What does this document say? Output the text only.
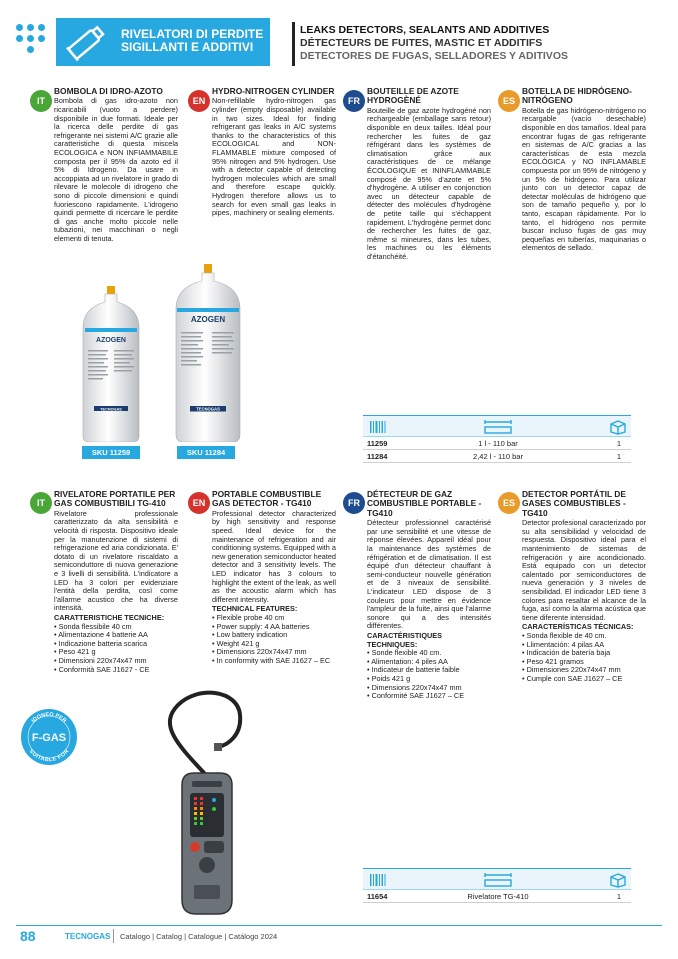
RIVELATORI DI PERDITE
SIGILLANTI E ADDITIVI
LEAKS DETECTORS, SEALANTS AND ADDITIVES
DÉTECTEURS DE FUITES, MASTIC ET ADDITIFS
DETECTORES DE FUGAS, SELLADORES Y ADITIVOS
IT
BOMBOLA DI IDRO-AZOTO
Bombola di gas idro-azoto non ricaricabili (vuoto a perdere) disponibile in due formati. Ideale per la ricerca delle perdite di gas refrigerante nei sistemi A/C grazie alle caratteristiche di questa miscela ECOLOGICA e NON INFIAMMABILE composta per il 95% da azoto ed il 5% di Idrogeno. Da usare in accoppiata ad un rivelatore in grado di rilevare le molecole di idrogeno che sono di piccole dimensioni e quindi fuoriescono rapidamente. L'idrogeno quindi permette di ricercare le perdite di gas anche molto piccole nelle tubazioni, nei macchinari o negli elementi di tenuta.
EN
HYDRO-NITROGEN CYLINDER
Non-refillable hydro-nitrogen gas cylinder (empty disposable) available in two sizes. Ideal for finding refrigerant gas leaks in A/C systems thanks to the characteristics of this ECOLOGICAL and NON-FLAMMABLE mixture composed of 95% nitrogen and 5% hydrogen. Use with a detector capable of detecting hydrogen molecules which are small and therefore escape quickly. Hydrogen therefore allows us to search for even small gas leaks in pipes, machinery or sealing elements.
FR
BOUTEILLE DE AZOTE HYDROGÈNÉ
Bouteille de gaz azote hydrogéné non rechargeable (emballage sans retour) disponible en deux tailles. Idéal pour rechercher les fuites de gaz réfrigérant dans les systèmes de climatisation grâce aux caractéristiques de ce mélange ÉCOLOGIQUE et ININFLAMMABLE composé de 95% d'azote et 5% d'hydrogène. A utiliser en conjonction avec un détecteur capable de détecter des molécules d'hydrogène de petite taille qui s'échappent rapidement. L'hydrogène permet donc de rechercher les fuites de gaz, même si mineures, dans les tubes, les machines ou les éléments d'étanchéité.
ES
BOTELLA DE HIDRÓGENO-NITRÓGENO
Botella de gas hidrógeno-nitrógeno no recargable (vacío desechable) disponible en dos tamaños. Ideal para encontrar fugas de gas refrigerante en sistemas de A/C gracias a las características de esta mezcla ECOLÓGICA y NO INFLAMABLE compuesta por un 95% de nitrógeno y un 5% de hidrógeno. Para utilizar junto con un detector capaz de detectar moléculas de hidrógeno que son de tamaño pequeño y, por lo tanto, escapan rápidamente. Por lo tanto, el hidrógeno nos permite buscar incluso fugas de gas muy pequeñas en tuberías, maquinarias o elementos de sellado.
AZOGEN
TECNOGAS
AZOGEN
TECNOGAS
SKU 11259	SKU 11284
11259	1 l - 110 bar	1
11284	2,42 l - 110 bar	1
IT
RIVELATORE PORTATILE PER GAS COMBUSTIBILI TG-410
Rivelatore professionale caratterizzato da alta sensibilità e velocità di risposta. Dispositivo ideale per la manutenzione di sistemi di refrigerazione ed aria condizionata. E' dotato di un rivelatore riscaldato a semiconduttore di nuova generazione e 3 livelli di sensibilità. L'indicatore a LED ha 3 colori per evidenziare l'entità della perdita, così come l'allarme acustico che ha diverse intensità.
CARATTERISTICHE TECNICHE:
• Sonda flessibile 40 cm
• Alimentazione 4 batterie AA
• Indicazione batteria scarica
• Peso 421 g
• Dimensioni 220x74x47 mm
• Conformità SAE J1627 - CE
EN
PORTABLE COMBUSTIBLE GAS DETECTOR - TG410
Professional detector characterized by high sensitivity and response speed. Ideal device for the maintenance of refrigeration and air conditioning systems. Equipped with a new generation semiconductor heated detector and 3 sensitivity levels. The LED indicator has 3 colours to highlight the extent of the leak, as well as the acoustic alarm which has different intensity.
TECHNICAL FEATURES:
• Flexible probe 40 cm
• Power supply: 4 AA batteries
• Low battery indication
• Weight 421 g
• Dimensions 220x74x47 mm
• In conformity with SAE J1627 – EC
FR
DÉTECTEUR DE GAZ COMBUSTIBLE PORTABLE - TG410
Détecteur professionnel caractérisé par une sensibilité et une vitesse de réponse élevées. Appareil idéal pour la maintenance des systèmes de réfrigération et de climatisation. Il est équipé d'un détecteur chauffant à semi-conducteur nouvelle génération et de 3 niveaux de sensibilité. L'indicateur LED dispose de 3 couleurs pour mettre en évidence l'ampleur de la fuite, ainsi que l'alarme sonore qui a des intensités différentes.
CARACTÉRISTIQUES TECHNIQUES:
• Sonde flexible 40 cm.
• Alimentation: 4 piles AA
• Indicateur de batterie faible
• Poids 421 g
• Dimensions 220x74x47 mm
• Conformité SAE J1627 – CE
ES
DETECTOR PORTÁTIL DE GASES COMBUSTIBLES - TG410
Detector profesional caracterizado por su alta sensibilidad y velocidad de respuesta. Dispositivo ideal para el mantenimiento de sistemas de refrigeración y aire acondicionado. Está equipado con un detector calentado por semiconductores de nueva generación y 3 niveles de sensibilidad. El indicador LED tiene 3 colores para resaltar el alcance de la fuga, así como la alarma acústica que tiene diferente intensidad.
CARACTERÍSTICAS TÉCNICAS:
• Sonda flexible de 40 cm.
• Llimentación: 4 pilas AA
• Indicación de batería baja
• Peso 421 gramos
• Dimensiones 220x74x47 mm
• Cumple con SAE J1627 – CE
IDONEO PER
F-GAS
SUITABLE FOR
11654	Rivelatore TG-410	1
88	TECNOGAS Catalogo | Catalog | Catalogue | Catálogo 2024
